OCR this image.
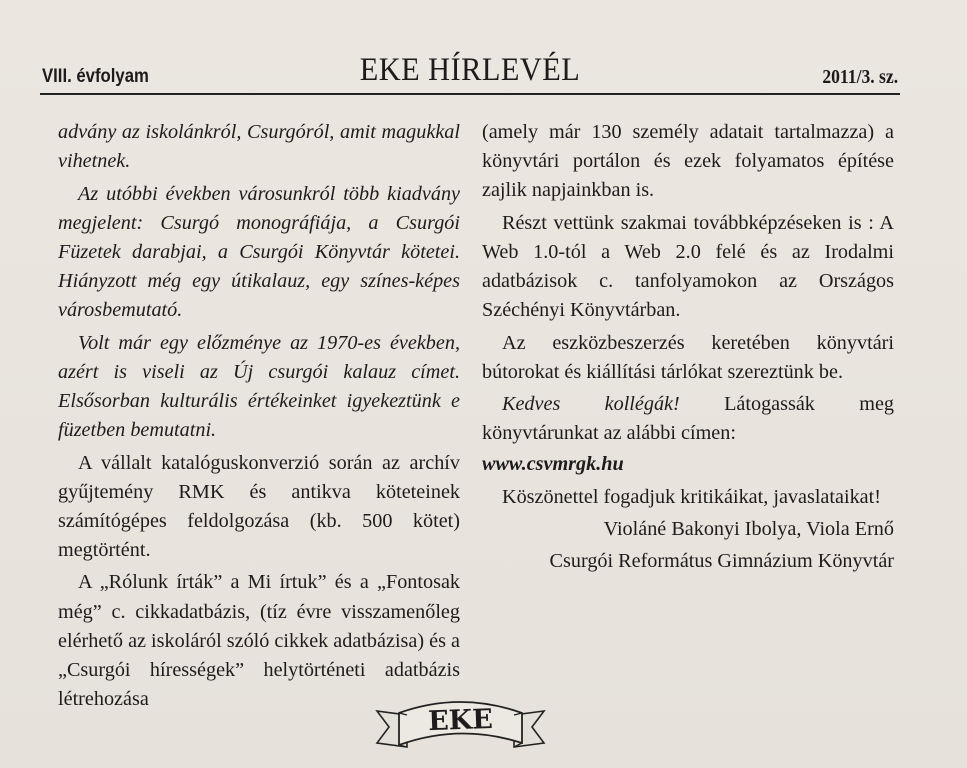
VIII. évfolyam	EKE HÍRLEVÉL	2011/3. sz.

advány az iskolánkról, Csurgóról, amit magukkal vihetnek.

Az utóbbi években városunkról több kiadvány megjelent: Csurgó monográfiája, a Csurgói Füzetek darabjai, a Csurgói Könyvtár kötetei. Hiányzott még egy útikalauz, egy színes-képes városbemutató.

Volt már egy előzménye az 1970-es években, azért is viseli az Új csurgói kalauz címet. Elsősorban kulturális értékeinket igyekeztünk e füzetben bemutatni.

A vállalt katalóguskonverzió során az archív gyűjtemény RMK és antikva köteteinek számítógépes feldolgozása (kb. 500 kötet) megtörtént.

A „Rólunk írták” a Mi írtuk” és a „Fontosak még” c. cikkadatbázis, (tíz évre visszamenőleg elérhető az iskoláról szóló cikkek adatbázisa) és a „Csurgói hírességek” helytörténeti adatbázis létrehozása

(amely már 130 személy adatait tartalmazza) a könyvtári portálon és ezek folyamatos építése zajlik napjainkban is.

Részt vettünk szakmai továbbképzéseken is : A Web 1.0-tól a Web 2.0 felé és az Irodalmi adatbázisok c. tanfolyamokon az Országos Széchényi Könyvtárban.

Az eszközbeszerzés keretében könyvtári bútorokat és kiállítási tárlókat szereztünk be.

Kedves kollégák! Látogassák meg könyvtárunkat az alábbi címen:

www.csvmrgk.hu

Köszönettel fogadjuk kritikáikat, javaslataikat!

Violáné Bakonyi Ibolya, Viola Ernő

Csurgói Református Gimnázium Könyvtár

EKE
